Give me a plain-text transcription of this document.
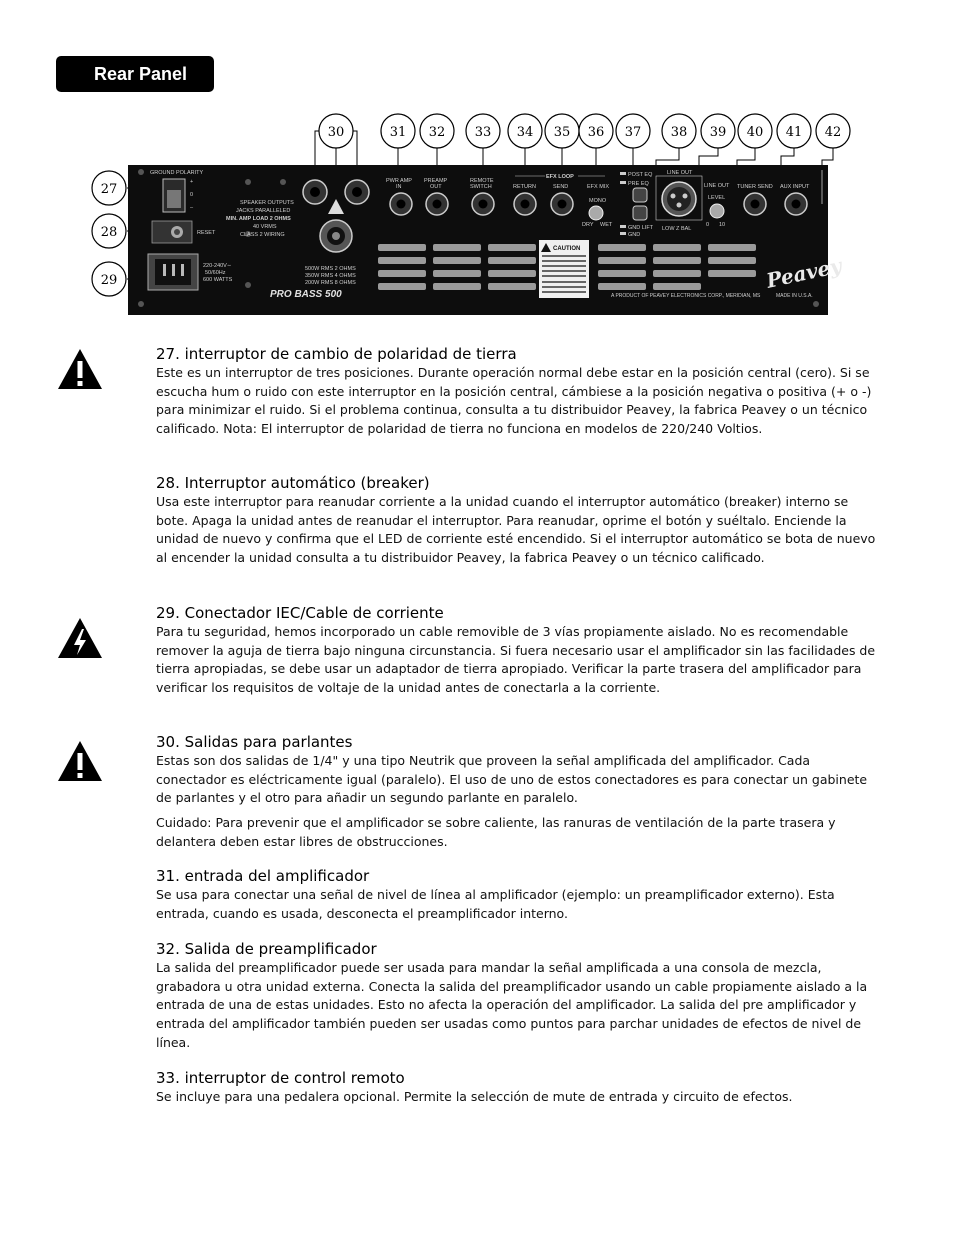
Rear Panel
27
28
29
30	31 32 33 34 35 36 37 38 39 40 41 42
GROUND POLARITY
+
0
–
RESET
220-240V∼
50/60Hz
600 WATTS
SPEAKER OUTPUTS
JACKS PARALLELED
MIN. AMP LOAD 2 OHMS
40 VRMS
CLASS 2 WIRING
500W RMS 2 OHMS
350W RMS 4 OHMS
200W RMS 8 OHMS
PRO BASS 500
PWR AMP
IN
PREAMP
OUT
REMOTE
SWITCH
EFX LOOP
RETURN	SEND	EFX MIX
MONO
DRY WET
POST EQ
PRE EQ
GND LIFT
GND
LINE OUT
LOW Z BAL
LINE OUT
LEVEL
0 10
TUNER SEND AUX INPUT
CAUTION
Peavey
A PRODUCT OF PEAVEY ELECTRONICS CORP., MERIDIAN, MS	MADE IN U.S.A.
27. interruptor de cambio de polaridad de tierra

Este es un interruptor de tres posiciones. Durante operación normal debe estar en la posición central (cero). Si se escucha hum o ruido con este interruptor en la posición central, cámbiese a la posición negativa o positiva (+ o -) para minimizar el ruido. Si el problema continua, consulta a tu distribuidor Peavey, la fabrica Peavey o un técnico calificado. Nota: El interruptor de polaridad de tierra no funciona en modelos de 220/240 Voltios.

28. Interruptor automático (breaker)

Usa este interruptor para reanudar corriente a la unidad cuando el interruptor automático (breaker) interno se bote. Apaga la unidad antes de reanudar el interruptor. Para reanudar, oprime el botón y suéltalo. Enciende la unidad de nuevo y confirma que el LED de corriente esté encendido. Si el interruptor automático se bota de nuevo al encender la unidad consulta a tu distribuidor Peavey, la fabrica Peavey o un técnico calificado.

29. Conectador IEC/Cable de corriente

Para tu seguridad, hemos incorporado un cable removible de 3 vías propiamente aislado. No es recomendable remover la aguja de tierra bajo ninguna circunstancia. Si fuera necesario usar el amplificador sin las facilidades de tierra apropiadas, se debe usar un adaptador de tierra apropiado. Verificar la parte trasera del amplificador para verificar los requisitos de voltaje de la unidad antes de conectarla a la corriente.

30. Salidas para parlantes

Estas son dos salidas de 1/4" y una tipo Neutrik que proveen la señal amplificada del amplificador. Cada conectador es eléctricamente igual (paralelo). El uso de uno de estos conectadores es para conectar un gabinete de parlantes y el otro para añadir un segundo parlante en paralelo.

Cuidado: Para prevenir que el amplificador se sobre caliente, las ranuras de ventilación de la parte trasera y delantera deben estar libres de obstrucciones.

31. entrada del amplificador

Se usa para conectar una señal de nivel de línea al amplificador (ejemplo: un preamplificador externo). Esta entrada, cuando es usada, desconecta el preamplificador interno.

32. Salida de preamplificador

La salida del preamplificador puede ser usada para mandar la señal amplificada a una consola de mezcla, grabadora u otra unidad externa. Conecta la salida del preamplificador usando un cable propiamente aislado a la entrada de una de estas unidades. Esto no afecta la operación del amplificador. La salida del pre amplificador y entrada del amplificador también pueden ser usadas como puntos para parchar unidades de efectos de nivel de línea.

33. interruptor de control remoto

Se incluye para una pedalera opcional. Permite la selección de mute de entrada y circuito de efectos.
